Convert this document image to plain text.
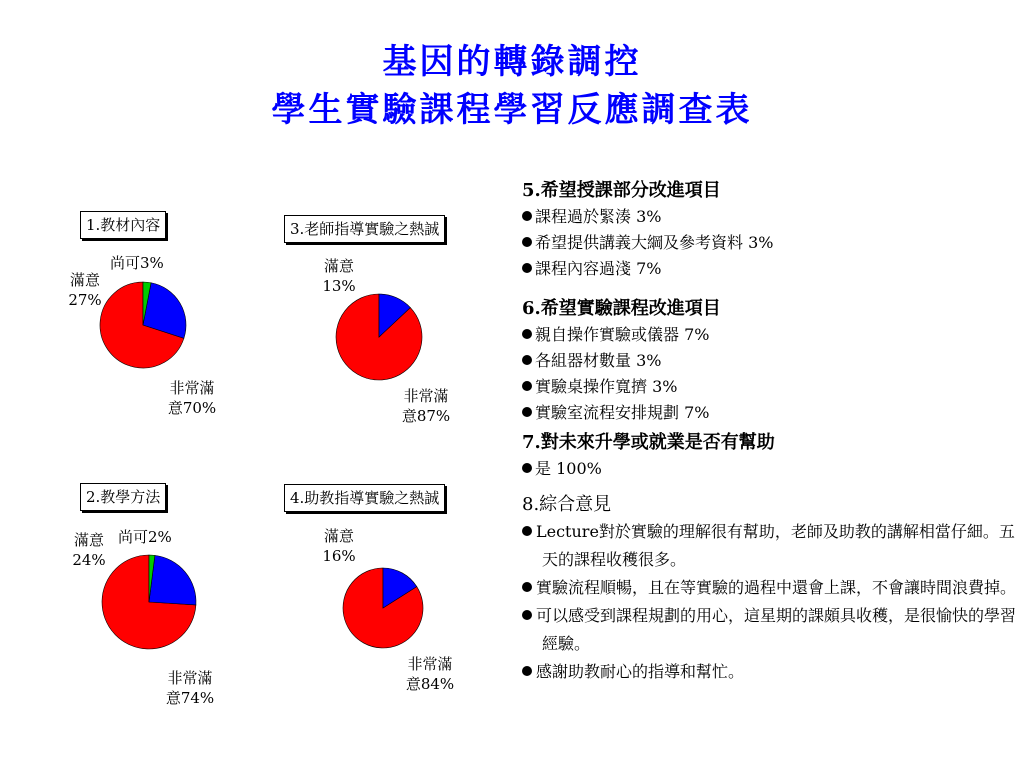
基因的轉錄調控
學生實驗課程學習反應調查表
1.教材內容
尚可3%
滿意
27%
非常滿
意70%
3.老師指導實驗之熱誠
滿意
13%
非常滿
意87%
2.教學方法
尚可2%
滿意
24%
非常滿
意74%
4.助教指導實驗之熱誠
滿意
16%
非常滿
意84%
5.希望授課部分改進項目
課程過於緊湊 3%
希望提供講義大綱及參考資料 3%
課程內容過淺 7%
6.希望實驗課程改進項目
親自操作實驗或儀器 7%
各組器材數量 3%
實驗桌操作寬擠 3%
實驗室流程安排規劃 7%
7.對未來升學或就業是否有幫助
是 100%
8.綜合意見
Lecture對於實驗的理解很有幫助，老師及助教的講解相當仔細。五天的課程收穫很多。
實驗流程順暢，且在等實驗的過程中還會上課，不會讓時間浪費掉。
可以感受到課程規劃的用心，這星期的課頗具收穫，是很愉快的學習經驗。
感謝助教耐心的指導和幫忙。
